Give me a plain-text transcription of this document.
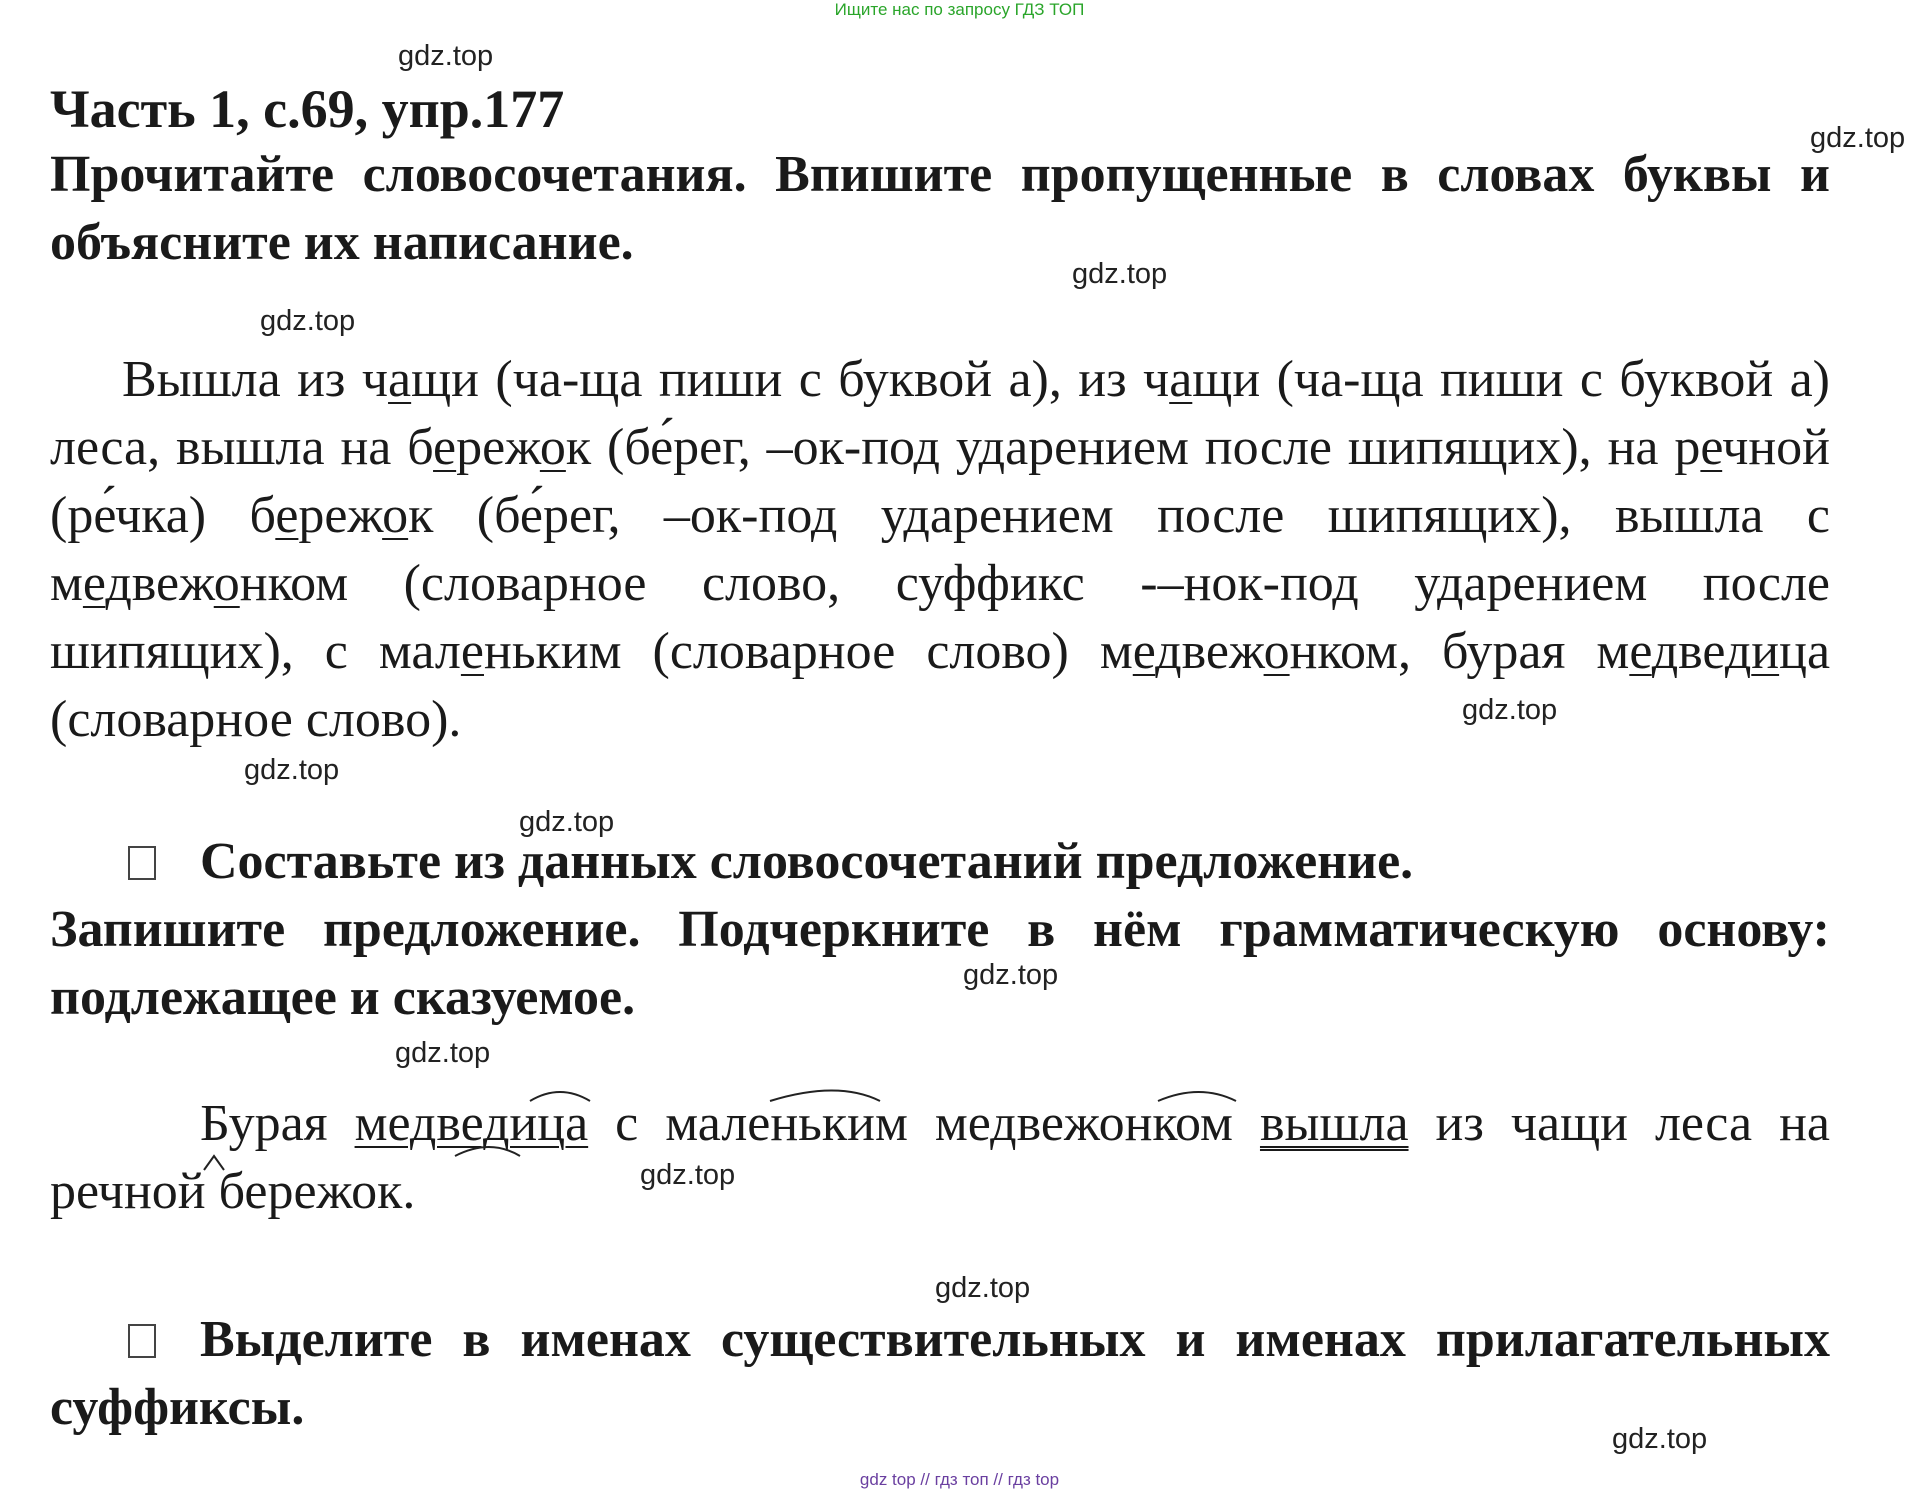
Ищите нас по запросу ГДЗ ТОП
gdz.top
gdz.top
gdz.top
gdz.top
gdz.top
gdz.top
gdz.top
gdz.top
gdz.top
gdz.top
gdz.top
gdz.top
Часть 1, с.69, упр.177
Прочитайте словосочетания. Впишите пропущенные в словах буквы и объясните их написание.
Вышла из чащи (ча-ща пиши с буквой а), из чащи (ча-ща пиши с буквой а) леса, вышла на бережок (бе́рег, –ок-под ударением после шипящих), на речной (ре́чка) бережок (бе́рег, –ок-под ударением после шипящих), вышла с медвежонком (словарное слово, суффикс -–нок-под ударением после шипящих), с маленьким (словарное слово) медвежонком, бурая медведица (словарное слово).
Составьте из данных словосочетаний предложение.
Запишите предложение. Подчеркните в нём грамматическую основу: подлежащее и сказуемое.
Бурая медведица с маленьким медвежонком вышла из чащи леса на речной бережок.
Выделите в именах существительных и именах прилагательных суффиксы.
gdz top // гдз топ // гдз top
